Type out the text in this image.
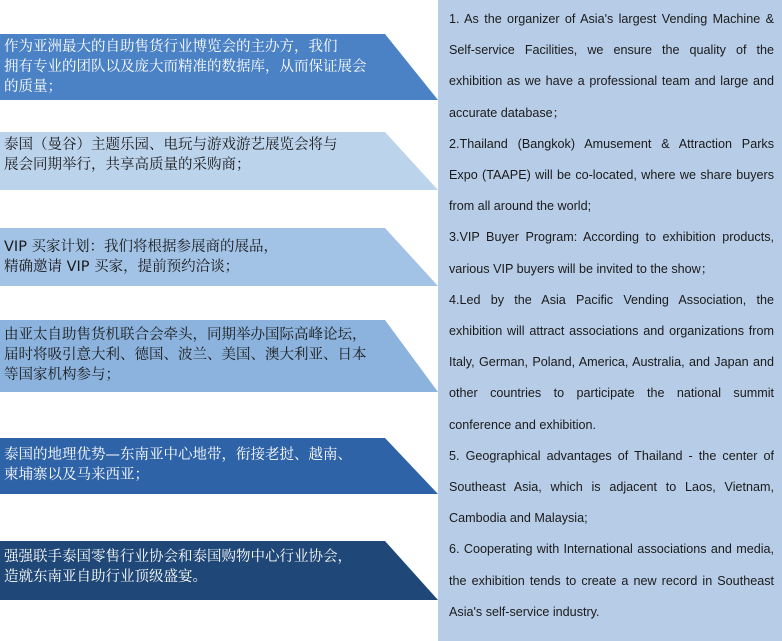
作为亚洲最大的自助售货行业博览会的主办方，我们
拥有专业的团队以及庞大而精准的数据库，从而保证展会
的质量；
泰国（曼谷）主题乐园、电玩与游戏游艺展览会将与
展会同期举行，共享高质量的采购商；
VIP 买家计划：我们将根据参展商的展品，
精确邀请 VIP 买家，提前预约洽谈；
由亚太自助售货机联合会牵头，同期举办国际高峰论坛，
届时将吸引意大利、德国、波兰、美国、澳大利亚、日本
等国家机构参与；
泰国的地理优势—东南亚中心地带，衔接老挝、越南、
柬埔寨以及马来西亚；
强强联手泰国零售行业协会和泰国购物中心行业协会，
造就东南亚自助行业顶级盛宴。

1. As the organizer of Asia's largest Vending Machine & Self-service Facilities, we ensure the quality of the exhibition as we have a professional team and large and accurate database；

2.Thailand (Bangkok) Amusement & Attraction Parks Expo (TAAPE) will be co-located, where we share buyers from all around the world;

3.VIP Buyer Program: According to exhibition products, various VIP buyers will be invited to the show；

4.Led by the Asia Pacific Vending Association, the exhibition will attract associations and organizations from Italy, German, Poland, America, Australia, and Japan and other countries to participate the national summit conference and exhibition.

5. Geographical advantages of Thailand - the center of Southeast Asia, which is adjacent to Laos, Vietnam, Cambodia and Malaysia;

6. Cooperating with International associations and media, the exhibition tends to create a new record in Southeast Asia's self-service industry.
